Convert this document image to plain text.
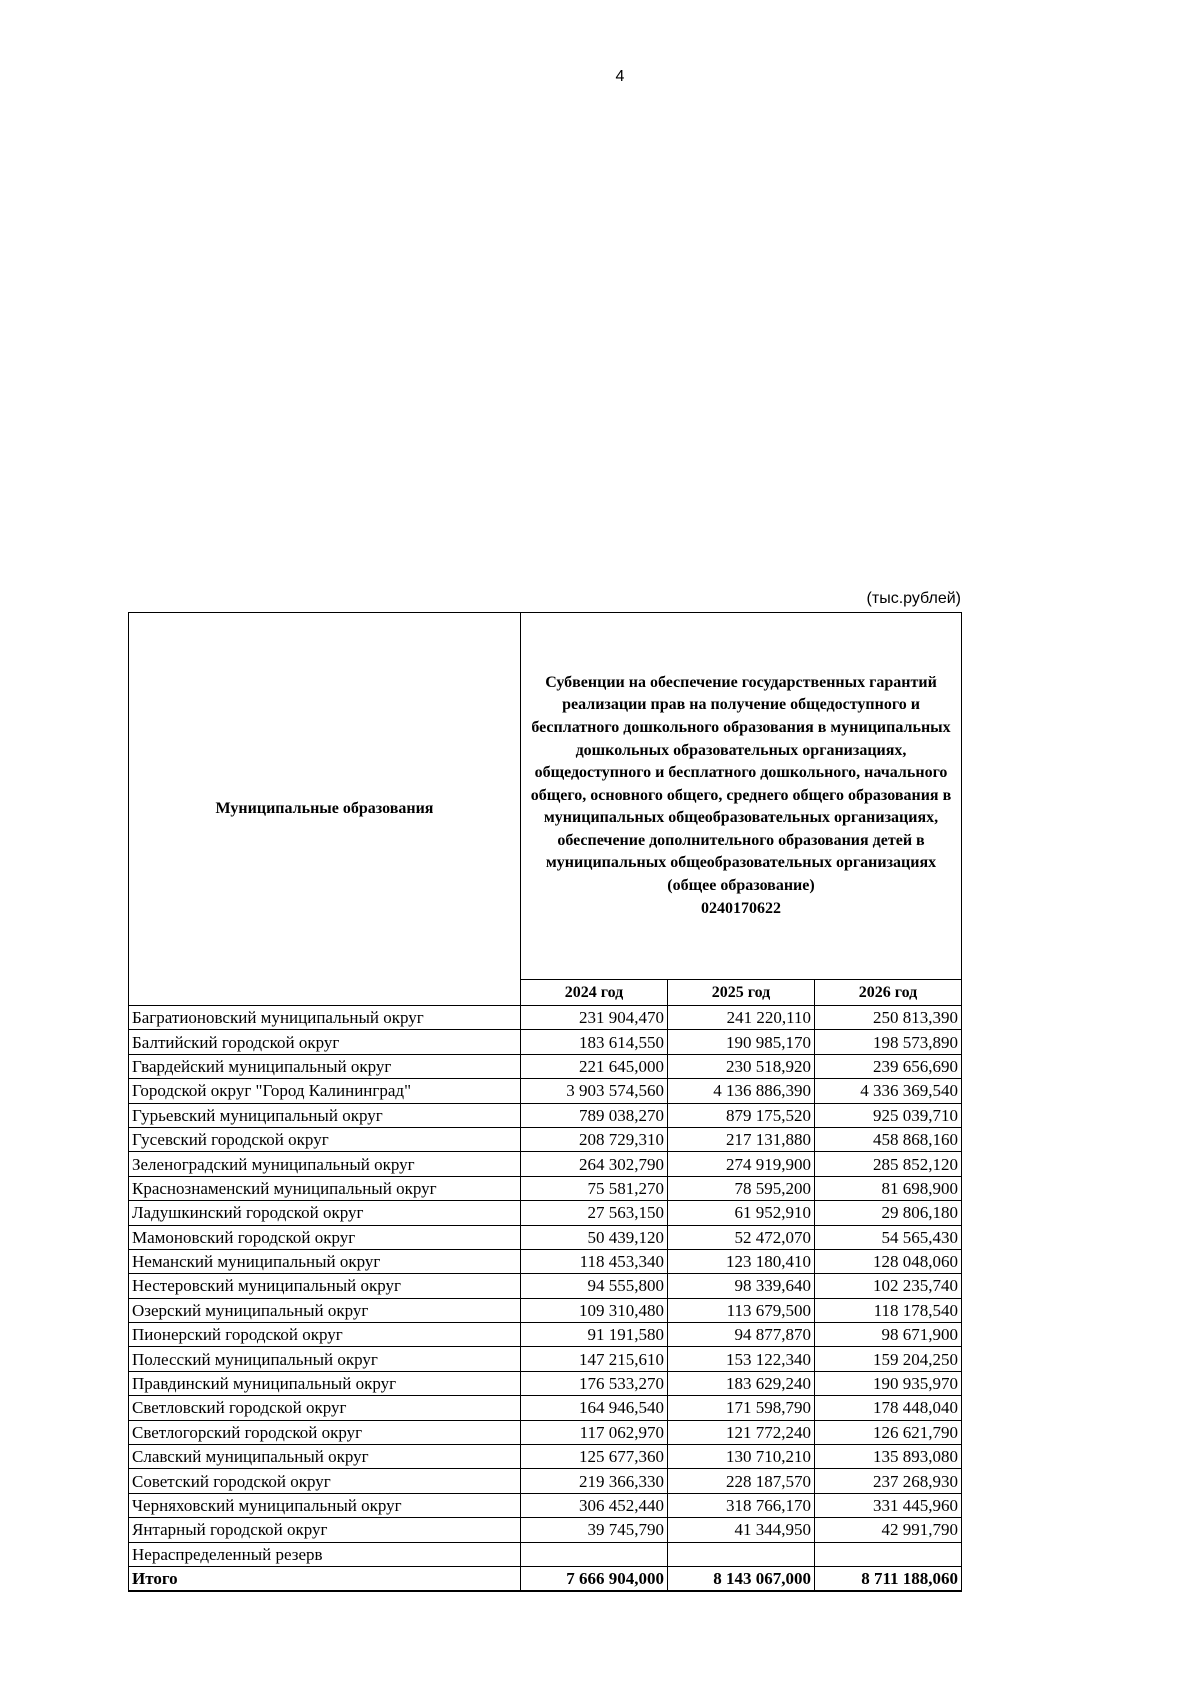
4
(тыс.рублей)
Муниципальные образования	Субвенции на обеспечение государственных гарантий реализации прав на получение общедоступного и бесплатного дошкольного образования в муниципальных дошкольных образовательных организациях, общедоступного и бесплатного дошкольного, начального общего, основного общего, среднего общего образования в муниципальных общеобразовательных организациях, обеспечение дополнительного образования детей в муниципальных общеобразовательных организациях (общее образование)
0240170622		

	2024 год	2025 год	2026 год
Багратионовский муниципальный округ	231 904,470	241 220,110	250 813,390
Балтийский городской округ	183 614,550	190 985,170	198 573,890
Гвардейский муниципальный округ	221 645,000	230 518,920	239 656,690
Городской округ "Город Калининград"	3 903 574,560	4 136 886,390	4 336 369,540
Гурьевский муниципальный округ	789 038,270	879 175,520	925 039,710
Гусевский городской округ	208 729,310	217 131,880	458 868,160
Зеленоградский муниципальный округ	264 302,790	274 919,900	285 852,120
Краснознаменский муниципальный округ	75 581,270	78 595,200	81 698,900
Ладушкинский городской округ	27 563,150	61 952,910	29 806,180
Мамоновский городской округ	50 439,120	52 472,070	54 565,430
Неманский муниципальный округ	118 453,340	123 180,410	128 048,060
Нестеровский муниципальный округ	94 555,800	98 339,640	102 235,740
Озерский муниципальный округ	109 310,480	113 679,500	118 178,540
Пионерский городской округ	91 191,580	94 877,870	98 671,900
Полесский муниципальный округ	147 215,610	153 122,340	159 204,250
Правдинский муниципальный округ	176 533,270	183 629,240	190 935,970
Светловский городской округ	164 946,540	171 598,790	178 448,040
Светлогорский городской округ	117 062,970	121 772,240	126 621,790
Славский муниципальный округ	125 677,360	130 710,210	135 893,080
Советский городской округ	219 366,330	228 187,570	237 268,930
Черняховский муниципальный округ	306 452,440	318 766,170	331 445,960
Янтарный городской округ	39 745,790	41 344,950	42 991,790
Нераспределенный резерв			
Итого	7 666 904,000	8 143 067,000	8 711 188,060
